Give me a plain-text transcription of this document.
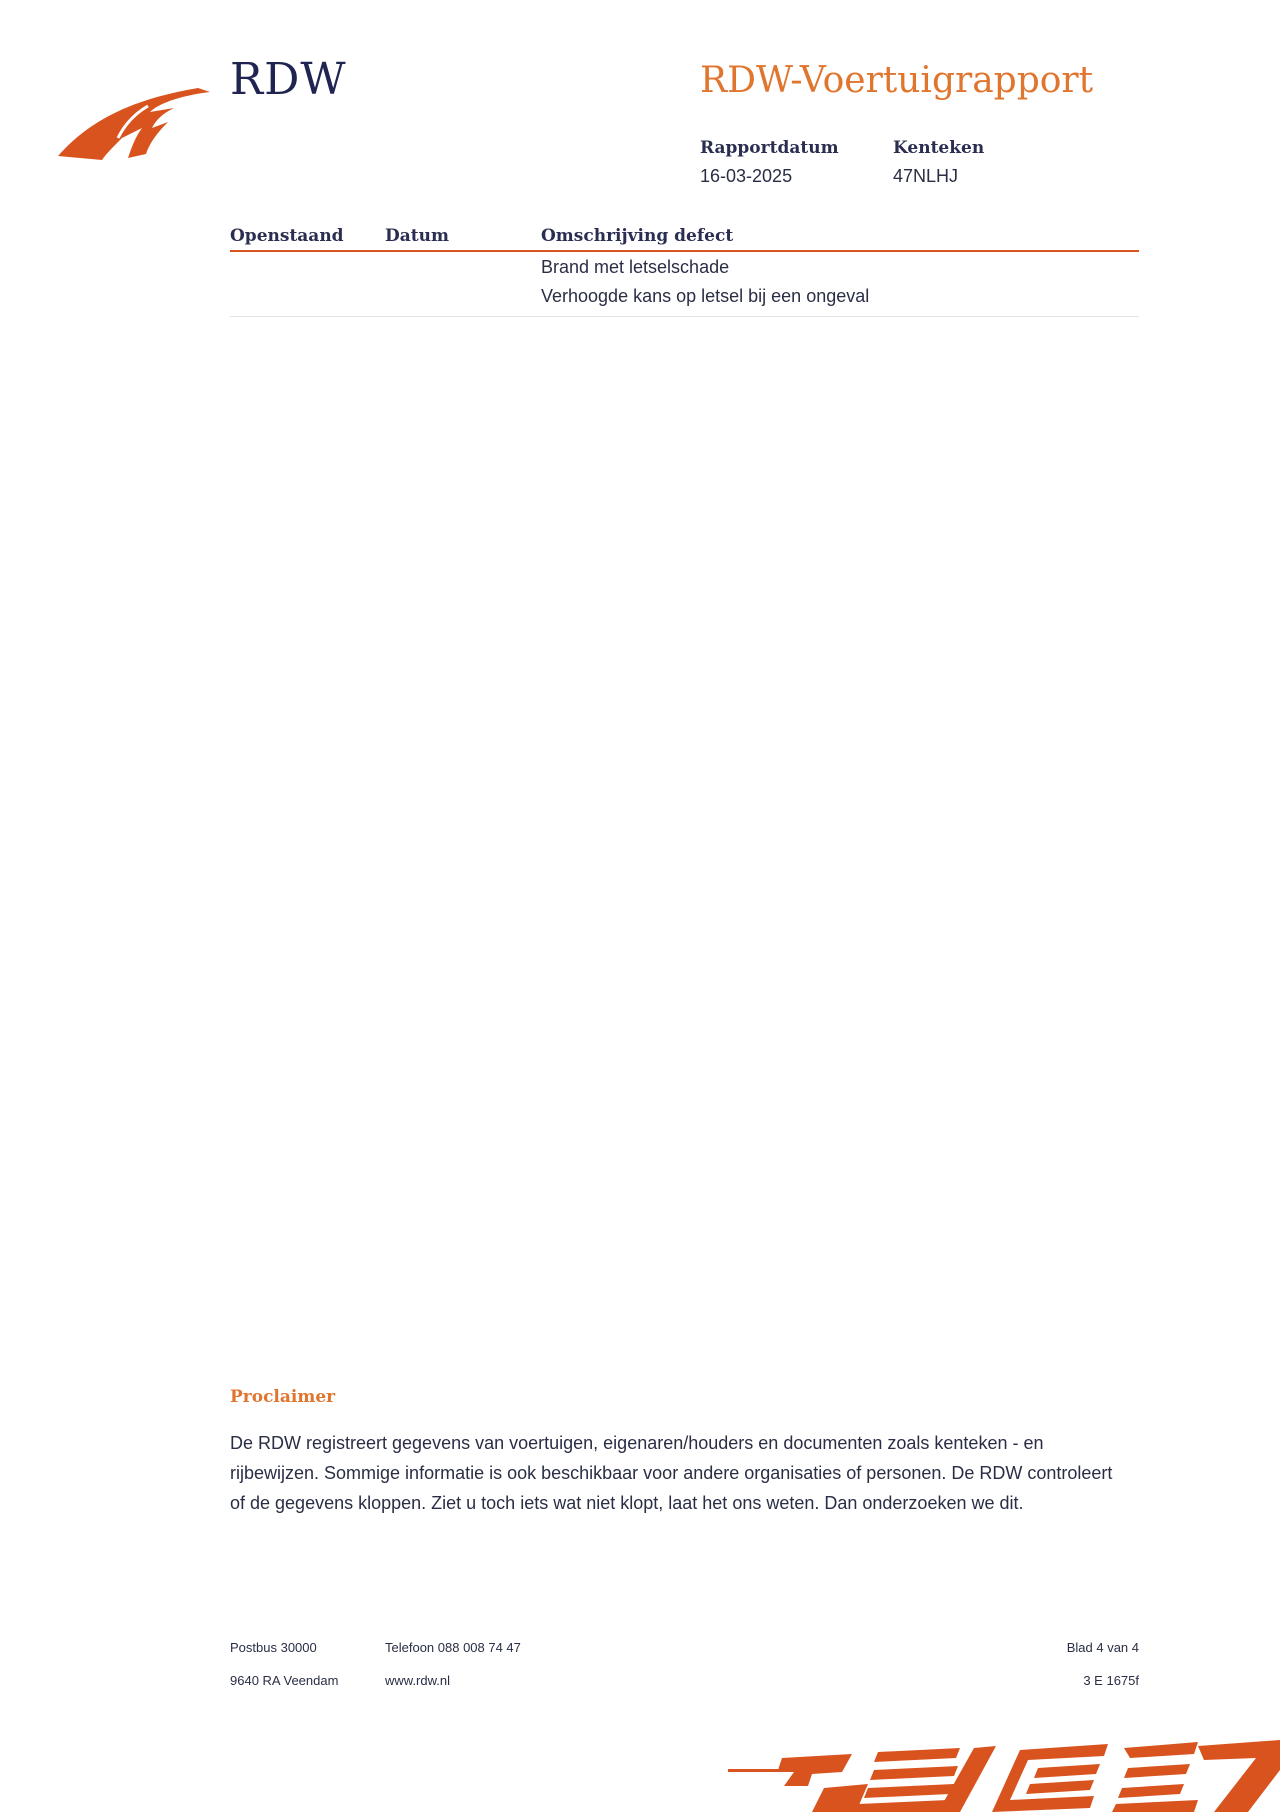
RDW	RDW-Voertuigrapport
Rapportdatum
16-03-2025
Kenteken
47NLHJ
Openstaand Datum	Omschrijving defect
Brand met letselschade
Verhoogde kans op letsel bij een ongeval
Proclaimer
De RDW registreert gegevens van voertuigen, eigenaren/houders en documenten zoals kenteken - en rijbewijzen. Sommige informatie is ook beschikbaar voor andere organisaties of personen. De RDW controleert of de gegevens kloppen. Ziet u toch iets wat niet klopt, laat het ons weten. Dan onderzoeken we dit.
Postbus 30000
9640 RA Veendam
Telefoon 088 008 74 47
www.rdw.nl
Blad 4 van 4
3 E 1675f
